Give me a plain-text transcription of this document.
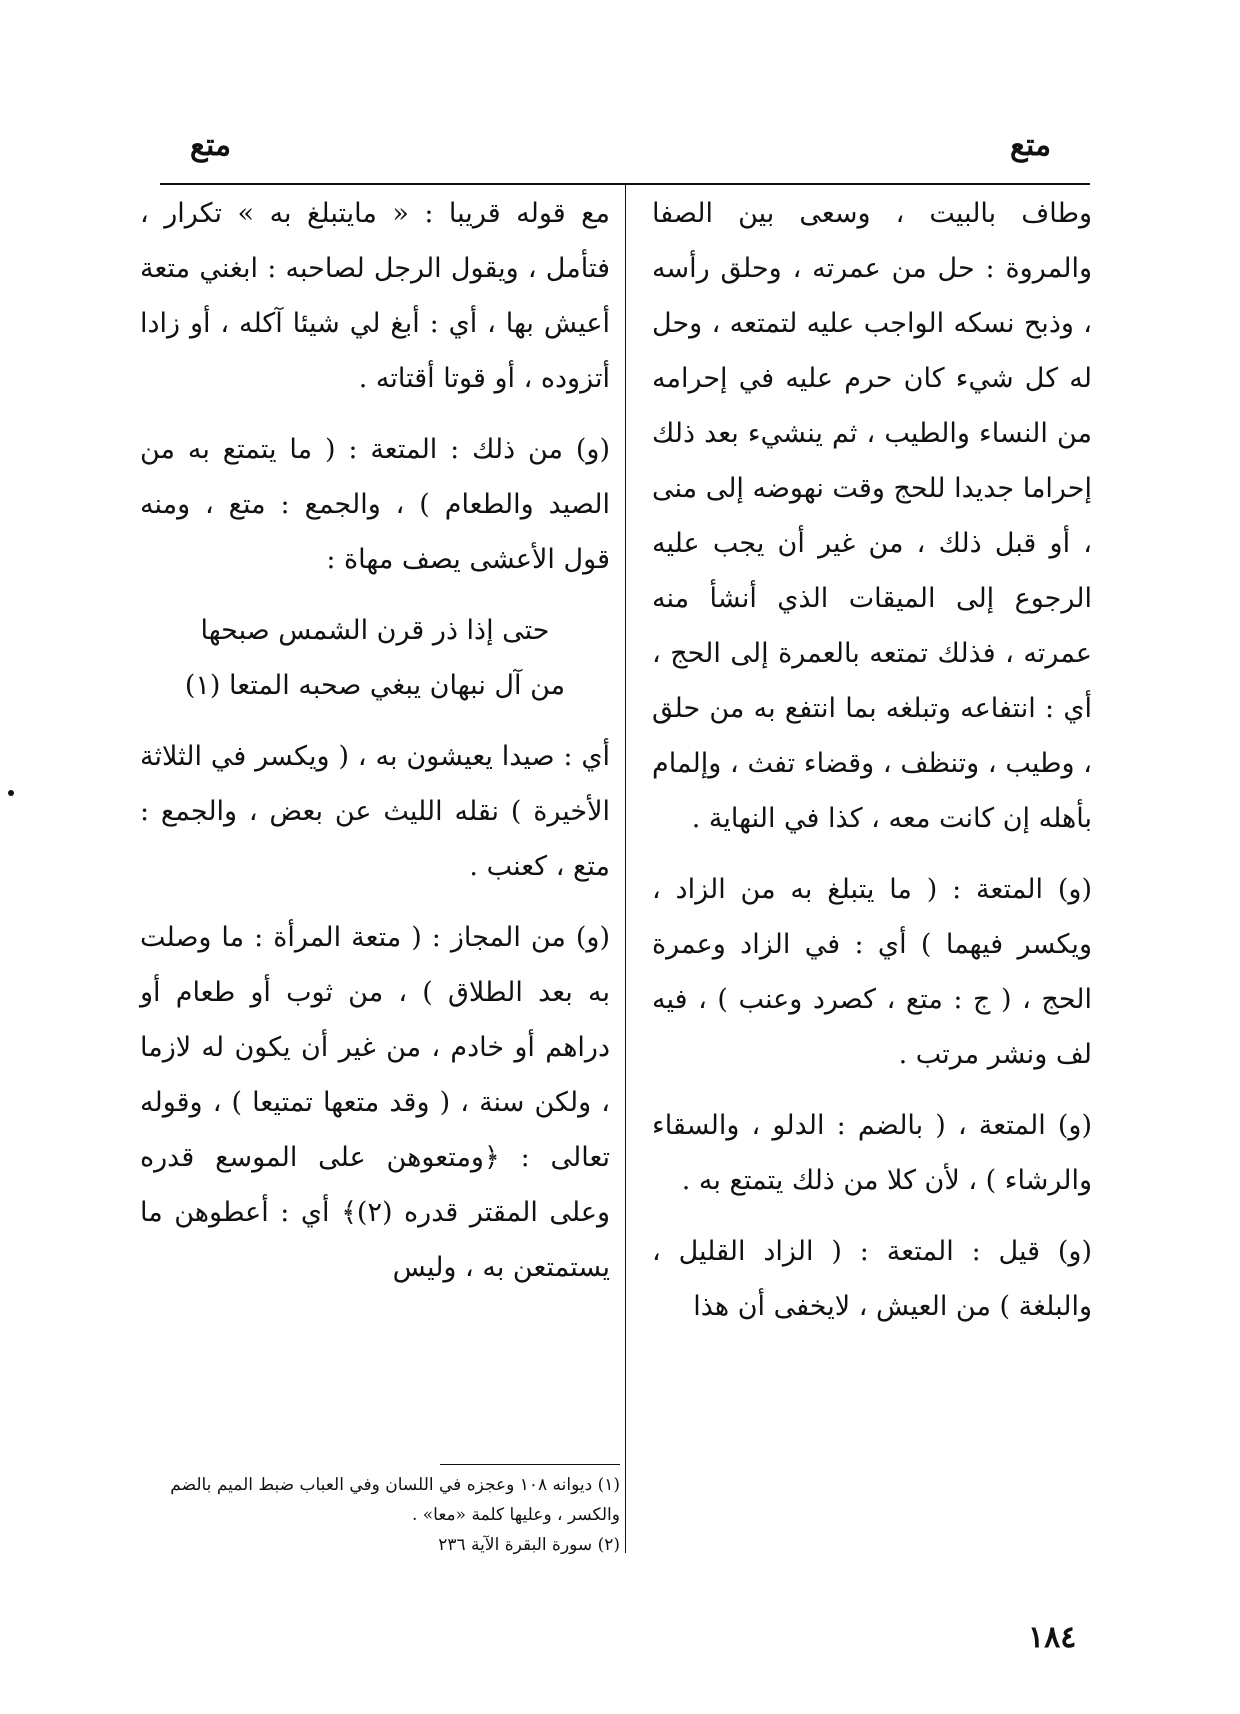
متع
متع

وطاف بالبيت ، وسعى بين الصفا والمروة : حل من عمرته ، وحلق رأسه ، وذبح نسكه الواجب عليه لتمتعه ، وحل له كل شيء كان حرم عليه في إحرامه من النساء والطيب ، ثم ينشيء بعد ذلك إحراما جديدا للحج وقت نهوضه إلى منى ، أو قبل ذلك ، من غير أن يجب عليه الرجوع إلى الميقات الذي أنشأ منه عمرته ، فذلك تمتعه بالعمرة إلى الحج ، أي : انتفاعه وتبلغه بما انتفع به من حلق ، وطيب ، وتنظف ، وقضاء تفث ، وإلمام بأهله إن كانت معه ، كذا في النهاية .

(و) المتعة : ( ما يتبلغ به من الزاد ، ويكسر فيهما ) أي : في الزاد وعمرة الحج ، ( ج : متع ، كصرد وعنب ) ، فيه لف ونشر مرتب .

(و) المتعة ، ( بالضم : الدلو ، والسقاء والرشاء ) ، لأن كلا من ذلك يتمتع به .

(و) قيل : المتعة : ( الزاد القليل ، والبلغة ) من العيش ، لايخفى أن هذا

مع قوله قريبا : « مايتبلغ به » تكرار ، فتأمل ، ويقول الرجل لصاحبه : ابغني متعة أعيش بها ، أي : أبغ لي شيئا آكله ، أو زادا أتزوده ، أو قوتا أقتاته .

(و) من ذلك : المتعة : ( ما يتمتع به من الصيد والطعام ) ، والجمع : متع ، ومنه قول الأعشى يصف مهاة :

حتى إذا ذر قرن الشمس صبحها
من آل نبهان يبغي صحبه المتعا (١)

أي : صيدا يعيشون به ، ( ويكسر في الثلاثة الأخيرة ) نقله الليث عن بعض ، والجمع : متع ، كعنب .

(و) من المجاز : ( متعة المرأة : ما وصلت به بعد الطلاق ) ، من ثوب أو طعام أو دراهم أو خادم ، من غير أن يكون له لازما ، ولكن سنة ، ( وقد متعها تمتيعا ) ، وقوله تعالى : ﴿ومتعوهن على الموسع قدره وعلى المقتر قدره (٢)﴾ أي : أعطوهن ما يستمتعن به ، وليس

(١) ديوانه ١٠٨ وعجزه في اللسان وفي العباب ضبط الميم بالضم والكسر ، وعليها كلمة «معا» .

(٢) سورة البقرة الآية ٢٣٦

١٨٤
